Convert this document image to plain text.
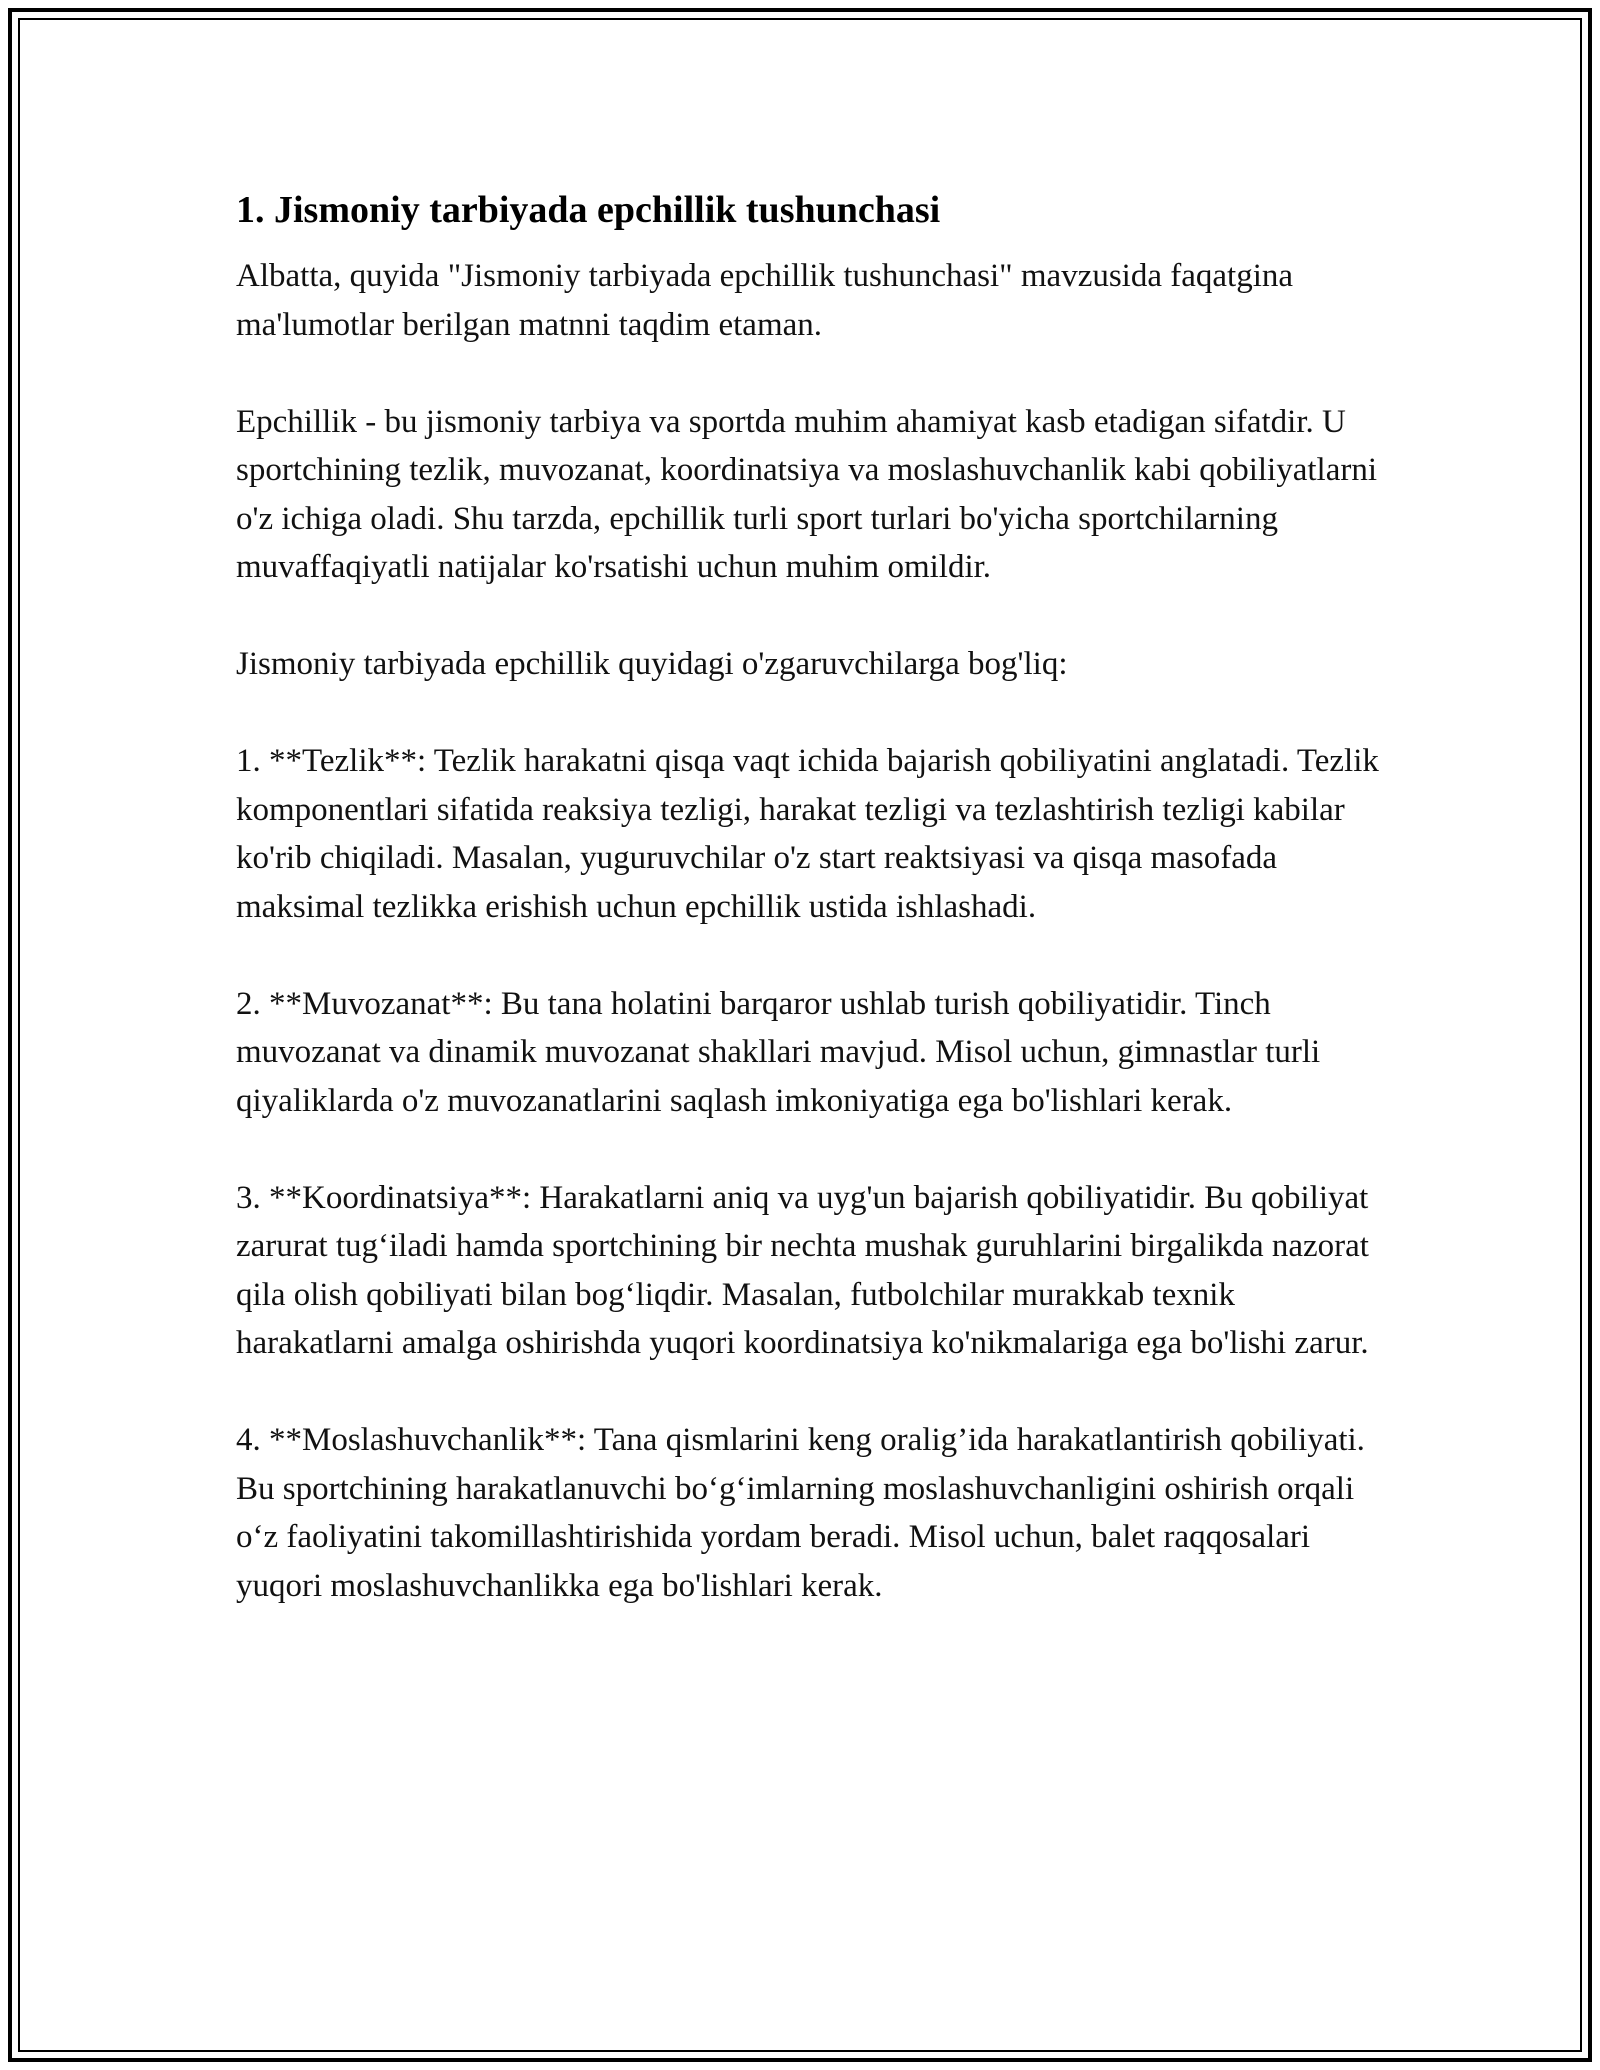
1. Jismoniy tarbiyada epchillik tushunchasi

Albatta, quyida "Jismoniy tarbiyada epchillik tushunchasi" mavzusida faqatgina ma'lumotlar berilgan matnni taqdim etaman.

Epchillik - bu jismoniy tarbiya va sportda muhim ahamiyat kasb etadigan sifatdir. U sportchining tezlik, muvozanat, koordinatsiya va moslashuvchanlik kabi qobiliyatlarni o'z ichiga oladi. Shu tarzda, epchillik turli sport turlari bo'yicha sportchilarning muvaffaqiyatli natijalar ko'rsatishi uchun muhim omildir.

Jismoniy tarbiyada epchillik quyidagi o'zgaruvchilarga bog'liq:

1. **Tezlik**: Tezlik harakatni qisqa vaqt ichida bajarish qobiliyatini anglatadi. Tezlik komponentlari sifatida reaksiya tezligi, harakat tezligi va tezlashtirish tezligi kabilar ko'rib chiqiladi. Masalan, yuguruvchilar o'z start reaktsiyasi va qisqa masofada maksimal tezlikka erishish uchun epchillik ustida ishlashadi.

2. **Muvozanat**: Bu tana holatini barqaror ushlab turish qobiliyatidir. Tinch muvozanat va dinamik muvozanat shakllari mavjud. Misol uchun, gimnastlar turli qiyaliklarda o'z muvozanatlarini saqlash imkoniyatiga ega bo'lishlari kerak.

3. **Koordinatsiya**: Harakatlarni aniq va uyg'un bajarish qobiliyatidir. Bu qobiliyat zarurat tug‘iladi hamda sportchining bir nechta mushak guruhlarini birgalikda nazorat qila olish qobiliyati bilan bog‘liqdir. Masalan, futbolchilar murakkab texnik harakatlarni amalga oshirishda yuqori koordinatsiya ko'nikmalariga ega bo'lishi zarur.

4. **Moslashuvchanlik**: Tana qismlarini keng oralig’ida harakatlantirish qobiliyati. Bu sportchining harakatlanuvchi bo‘g‘imlarning moslashuvchanligini oshirish orqali o‘z faoliyatini takomillashtirishida yordam beradi. Misol uchun, balet raqqosalari yuqori moslashuvchanlikka ega bo'lishlari kerak.
